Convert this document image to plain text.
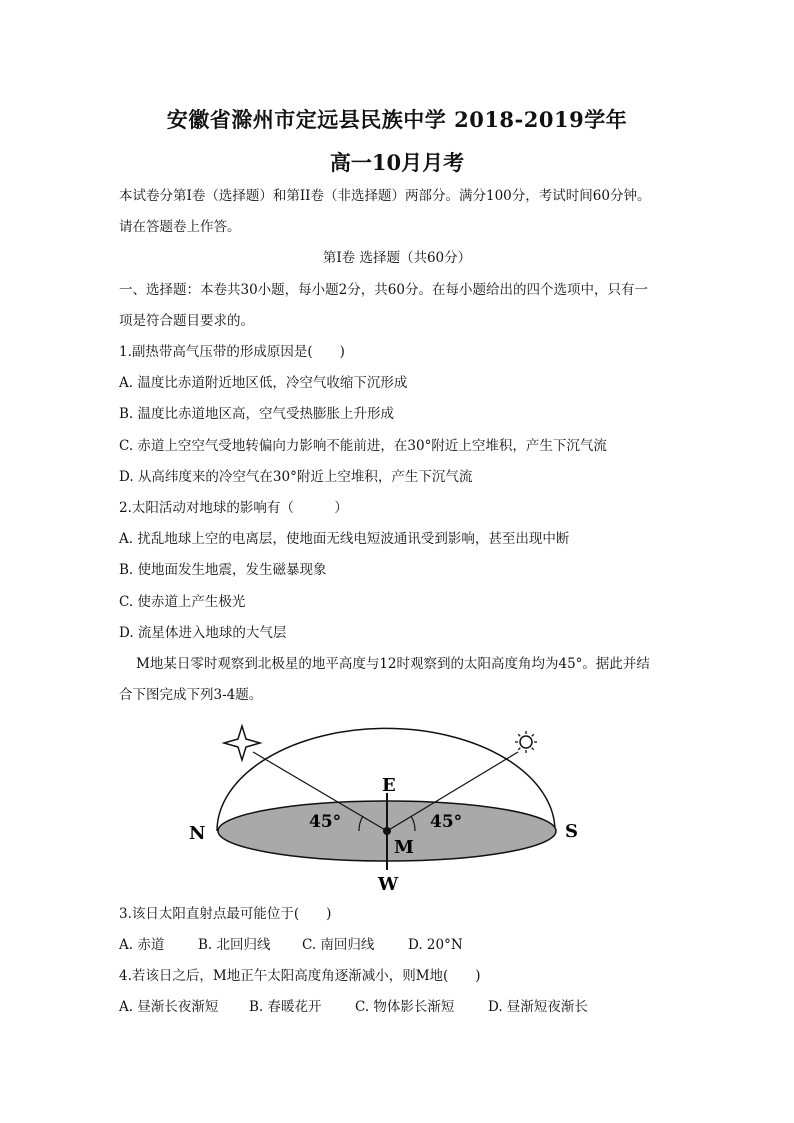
安徽省滁州市定远县民族中学 2018-2019学年
高一10月月考
本试卷分第I卷（选择题）和第II卷（非选择题）两部分。满分100分，考试时间60分钟。
请在答题卷上作答。
第I卷 选择题（共60分）
一、选择题：本卷共30小题，每小题2分，共60分。在每小题给出的四个选项中，只有一
项是符合题目要求的。
1.副热带高气压带的形成原因是(　　)
A. 温度比赤道附近地区低，冷空气收缩下沉形成
B. 温度比赤道地区高，空气受热膨胀上升形成
C. 赤道上空空气受地转偏向力影响不能前进，在30°附近上空堆积，产生下沉气流
D. 从高纬度来的冷空气在30°附近上空堆积，产生下沉气流
2.太阳活动对地球的影响有（　　　）
A. 扰乱地球上空的电离层，使地面无线电短波通讯受到影响，甚至出现中断
B. 使地面发生地震，发生磁暴现象
C. 使赤道上产生极光
D. 流星体进入地球的大气层
M地某日零时观察到北极星的地平高度与12时观察到的太阳高度角均为45°。据此并结
合下图完成下列3-4题。
N	S
E
W
M
45°	45°
3.该日太阳直射点最可能位于(　　)
A. 赤道 B. 北回归线 C. 南回归线 D. 20°N
4.若该日之后，M地正午太阳高度角逐渐减小，则M地(　　)
A. 昼渐长夜渐短 B. 春暖花开 C. 物体影长渐短 D. 昼渐短夜渐长
